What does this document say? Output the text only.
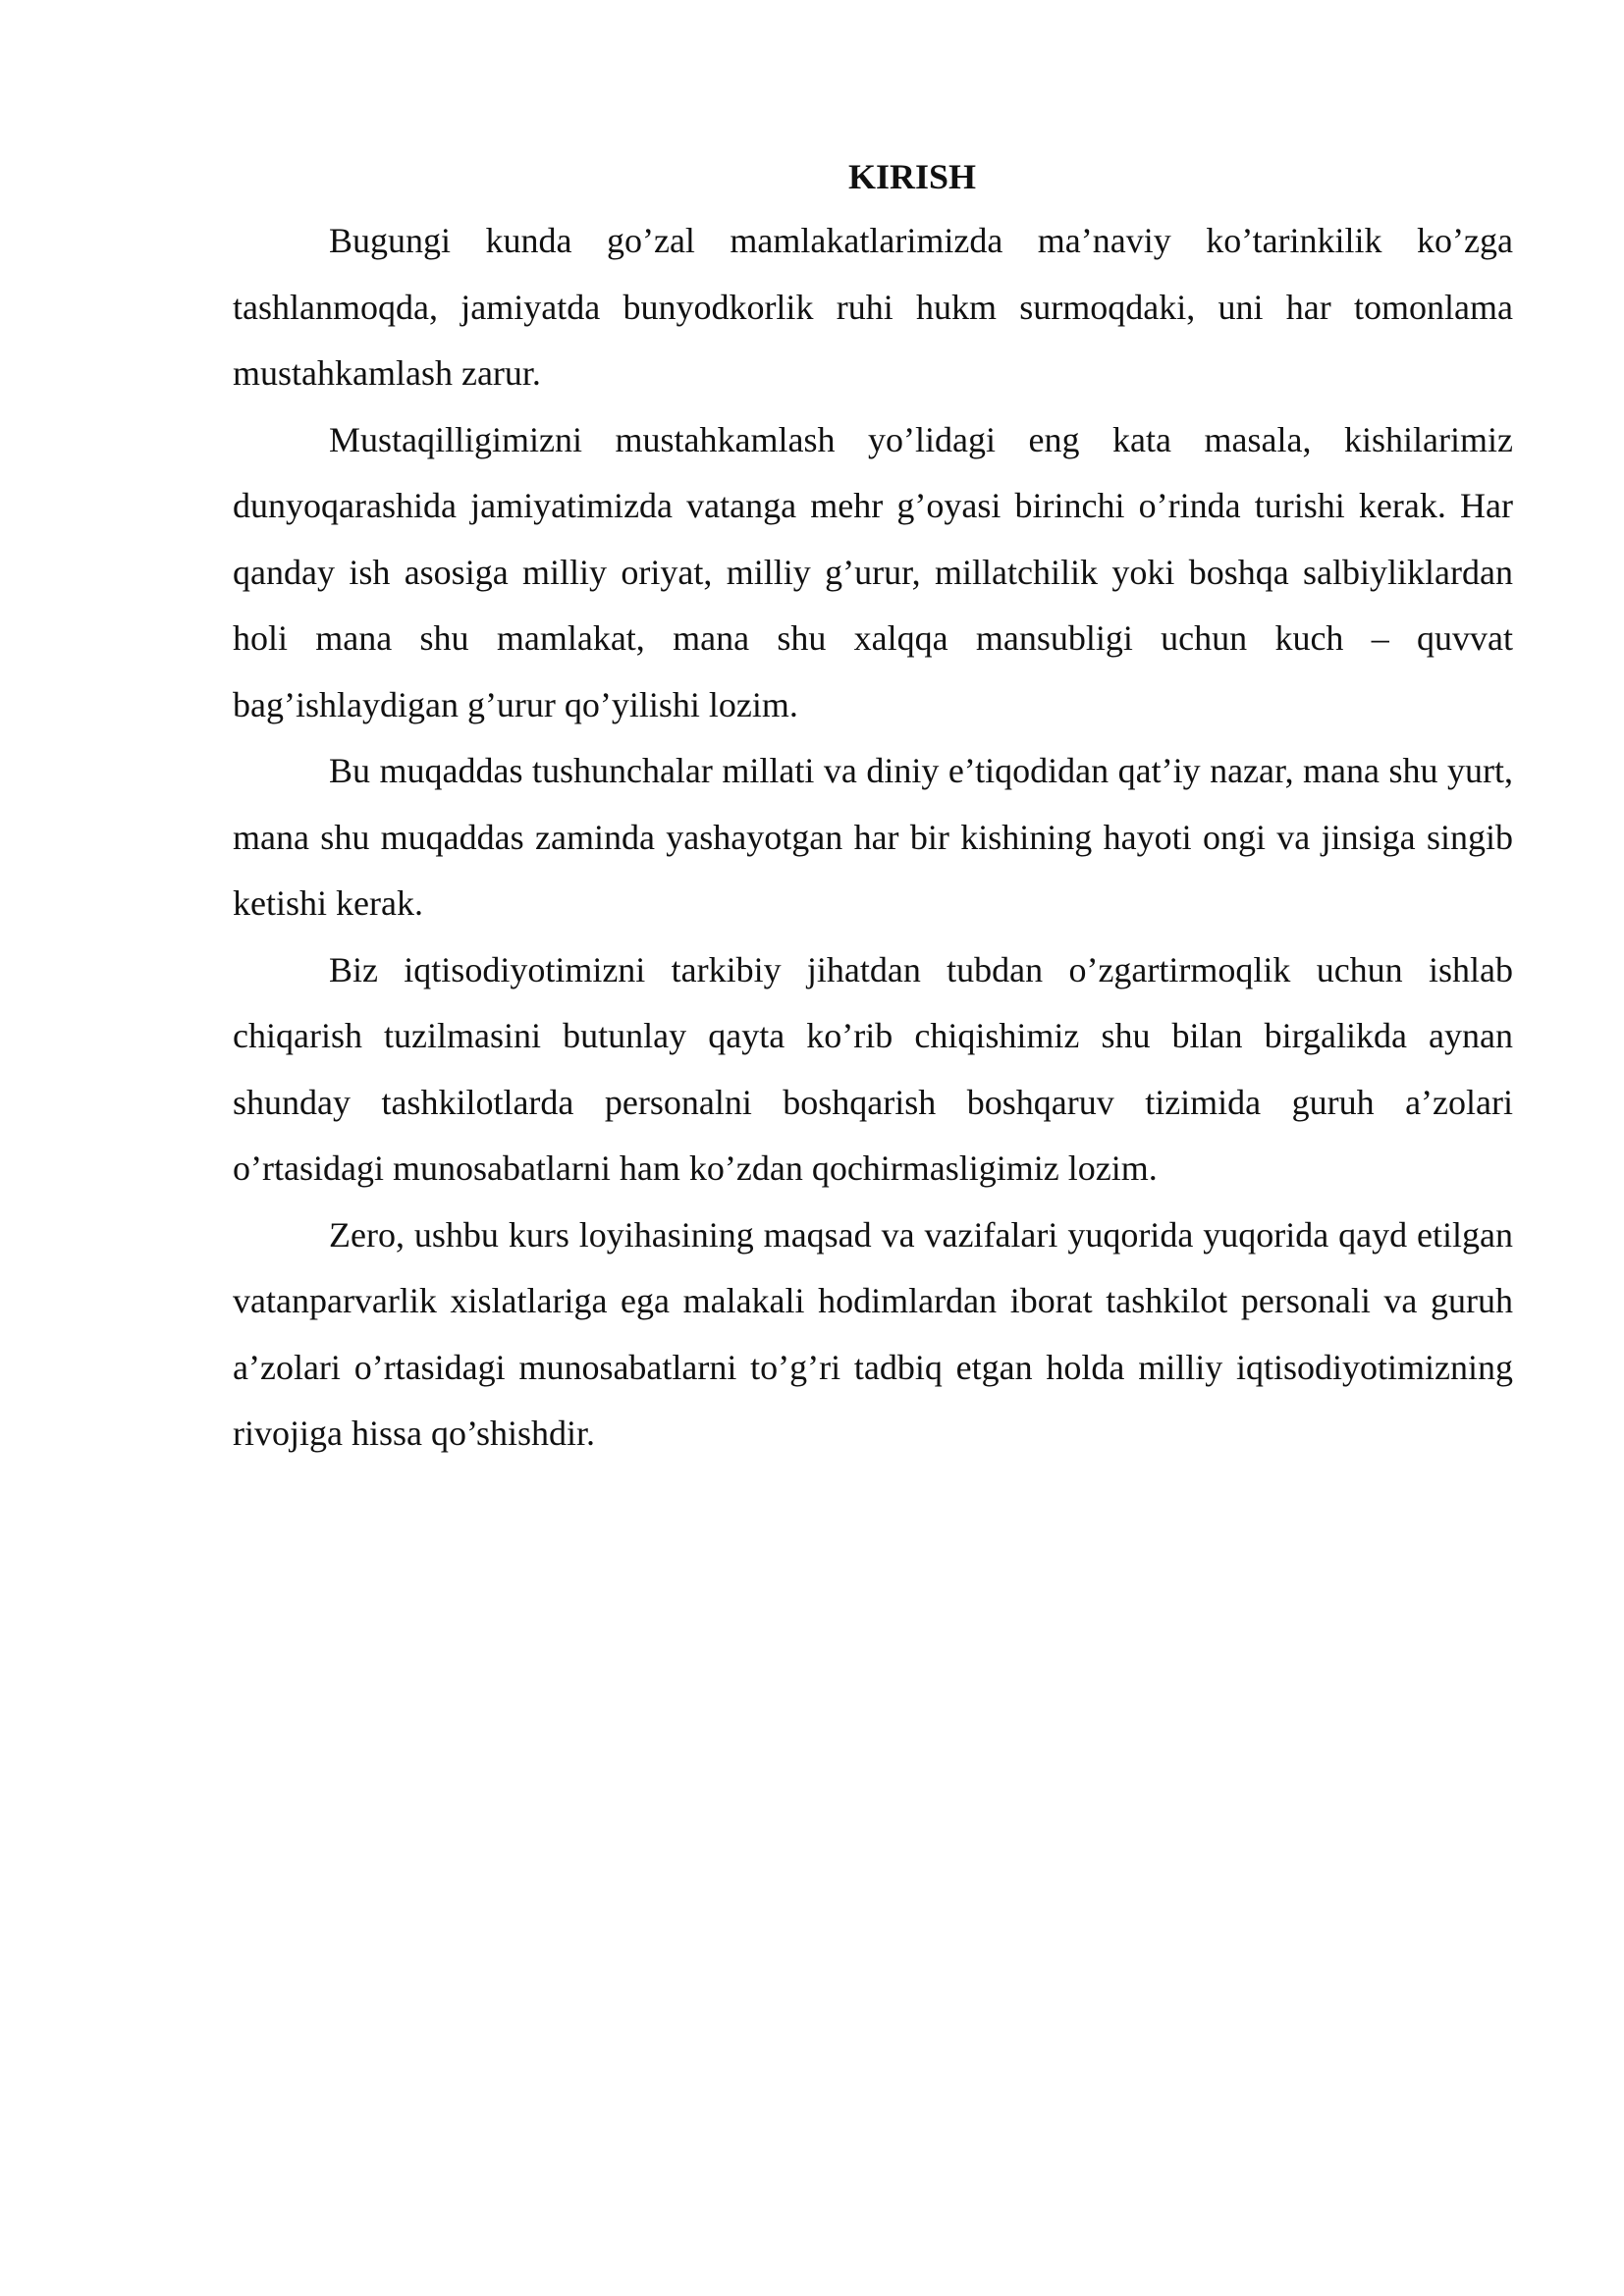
KIRISH

Bugungi kunda go’zal mamlakatlarimizda ma’naviy ko’tarinkilik ko’zga tashlanmoqda, jamiyatda bunyodkorlik ruhi hukm surmoqdaki, uni har tomonlama mustahkamlash zarur.

Mustaqilligimizni mustahkamlash yo’lidagi eng kata masala, kishilarimiz dunyoqarashida jamiyatimizda vatanga mehr g’oyasi birinchi o’rinda turishi kerak. Har qanday ish asosiga milliy oriyat, milliy g’urur, millatchilik yoki boshqa salbiyliklardan holi mana shu mamlakat, mana shu xalqqa mansubligi uchun kuch – quvvat bag’ishlaydigan g’urur qo’yilishi lozim.

Bu muqaddas tushunchalar millati va diniy e’tiqodidan qat’iy nazar, mana shu yurt, mana shu muqaddas zaminda yashayotgan har bir kishining hayoti ongi va jinsiga singib ketishi kerak.

Biz iqtisodiyotimizni tarkibiy jihatdan tubdan o’zgartirmoqlik uchun ishlab chiqarish tuzilmasini butunlay qayta ko’rib chiqishimiz shu bilan birgalikda aynan shunday tashkilotlarda personalni boshqarish boshqaruv tizimida guruh a’zolari o’rtasidagi munosabatlarni ham ko’zdan qochirmasligimiz lozim.

Zero, ushbu kurs loyihasining maqsad va vazifalari yuqorida yuqorida qayd etilgan vatanparvarlik xislatlariga ega malakali hodimlardan iborat tashkilot personali va guruh a’zolari o’rtasidagi munosabatlarni to’g’ri tadbiq etgan holda milliy iqtisodiyotimizning rivojiga hissa qo’shishdir.
